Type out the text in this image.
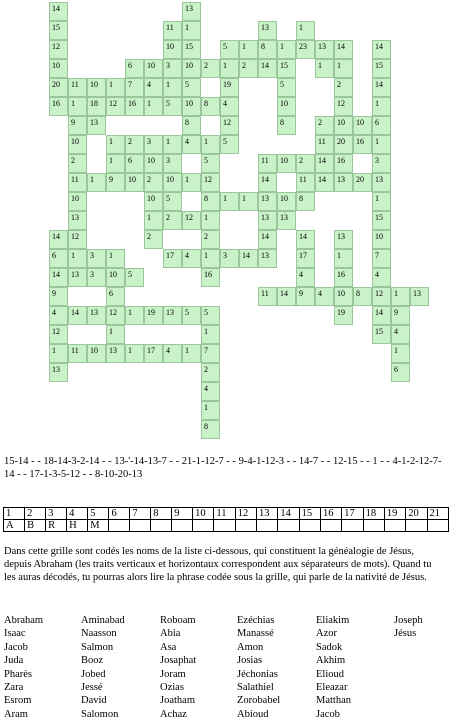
14	13
15	11	1	13	1
12	10	15	5	1	8	1	23	13	14	14
10	6	10	3	10	2	1	2	14	15	1	1	15
20	11	10	1	7	4	1	5	19	5	2	14
16	1	18	12	16	1	5	10	8	4	10	12	1
9	13	8	12	8	2	10	10	6
10	1	2	3	1	4	1	5	11	20	16	1
2	1	6	10	3	5	11	10	2	14	16	3
11	1	9	10	2	10	1	12	14	11	14	13	20	13
10	10	5	8	1	1	13	10	8	1
13	1	2	12	1	13	13	15
14	12	2	2	14	14	13	10
6	1	3	1	17	4	1	3	14	13	17	1	7
14	13	3	10	5	16	4	16	4
9	6	11	14	9	4	10	8	12	1	13
4	14	13	12	1	19	13	5	5	19	14	9
12	1	1	15	4
1	11	10	13	1	17	4	1	7	1
13	2	6
4
1
8
15-14 - - 18-14-3-2-14 - - 13-'-14-13-7 - - 21-1-12-7 - - 9-4-1-12-3 - - 14-7 - - 12-15 - - 1 - - 4-1-2-12-7-14 - - 17-1-3-5-12 - - 8-10-20-13
1	2	3	4	5	6	7	8	9	10	11	12	13	14	15	16	17	18	19	20	21
A	B	R	H	M																
Dans cette grille sont codés les noms de la liste ci-dessous, qui constituent la généalogie de Jésus, depuis Abraham (les traits verticaux et horizontaux correspondent aux séparateurs de mots). Quand tu les auras décodés, tu pourras alors lire la phrase codée sous la grille, qui parle de la nativité de Jésus.
Abraham
Isaac
Jacob
Juda
Pharès
Zara
Esrom
Aram
Aminabad
Naasson
Salmon
Booz
Jobed
Jessé
David
Salomon
Roboam
Abia
Asa
Josaphat
Joram
Ozias
Joatham
Achaz
Ezéchias
Manassé
Amon
Josias
Jéchonias
Salathiel
Zorobabel
Abioud
Eliakim
Azor
Sadok
Akhim
Elioud
Eleazar
Matthan
Jacob
Joseph
Jésus
